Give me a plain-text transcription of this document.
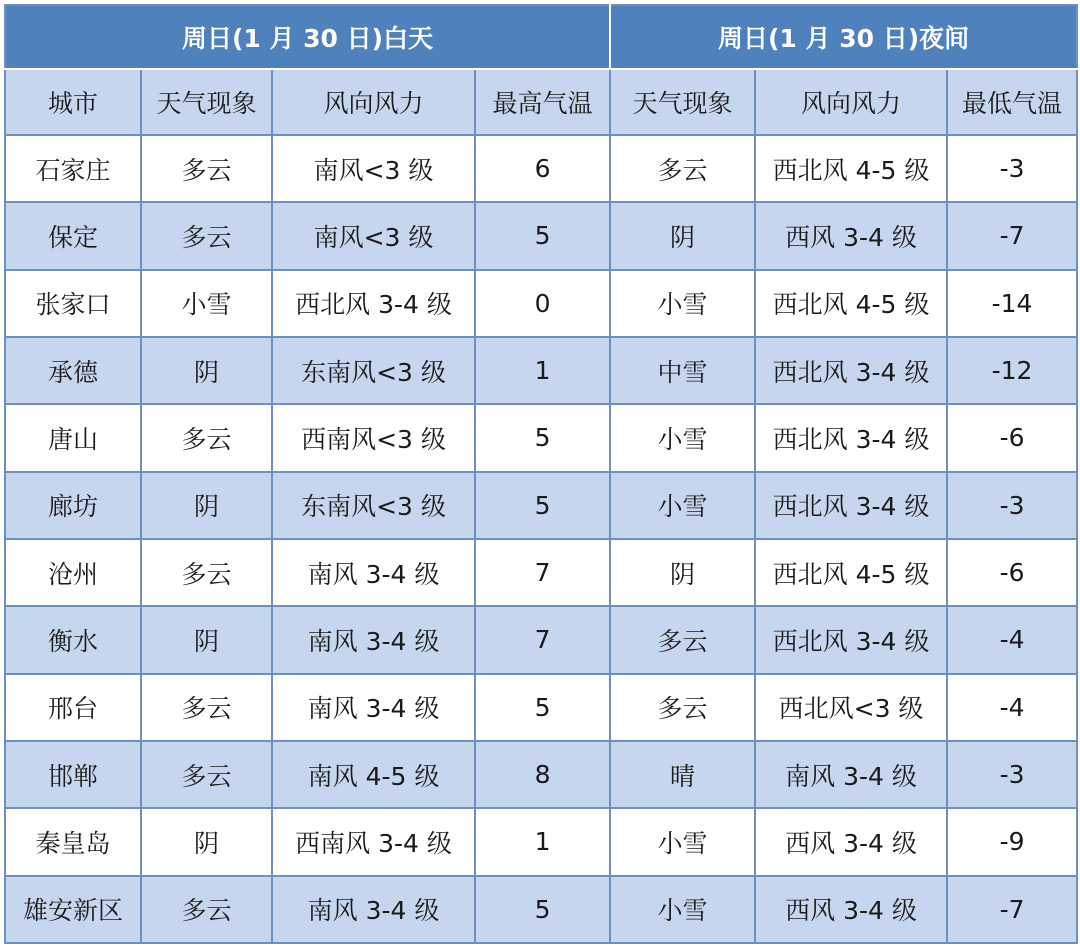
周日(1 月 30 日)白天				周日(1 月 30 日)夜间		
城市	天气现象	风向风力	最高气温	天气现象	风向风力	最低气温
石家庄	多云	南风<3 级	6	多云	西北风 4-5 级	-3
保定	多云	南风<3 级	5	阴	西风 3-4 级	-7
张家口	小雪	西北风 3-4 级	0	小雪	西北风 4-5 级	-14
承德	阴	东南风<3 级	1	中雪	西北风 3-4 级	-12
唐山	多云	西南风<3 级	5	小雪	西北风 3-4 级	-6
廊坊	阴	东南风<3 级	5	小雪	西北风 3-4 级	-3
沧州	多云	南风 3-4 级	7	阴	西北风 4-5 级	-6
衡水	阴	南风 3-4 级	7	多云	西北风 3-4 级	-4
邢台	多云	南风 3-4 级	5	多云	西北风<3 级	-4
邯郸	多云	南风 4-5 级	8	晴	南风 3-4 级	-3
秦皇岛	阴	西南风 3-4 级	1	小雪	西风 3-4 级	-9
雄安新区	多云	南风 3-4 级	5	小雪	西风 3-4 级	-7
